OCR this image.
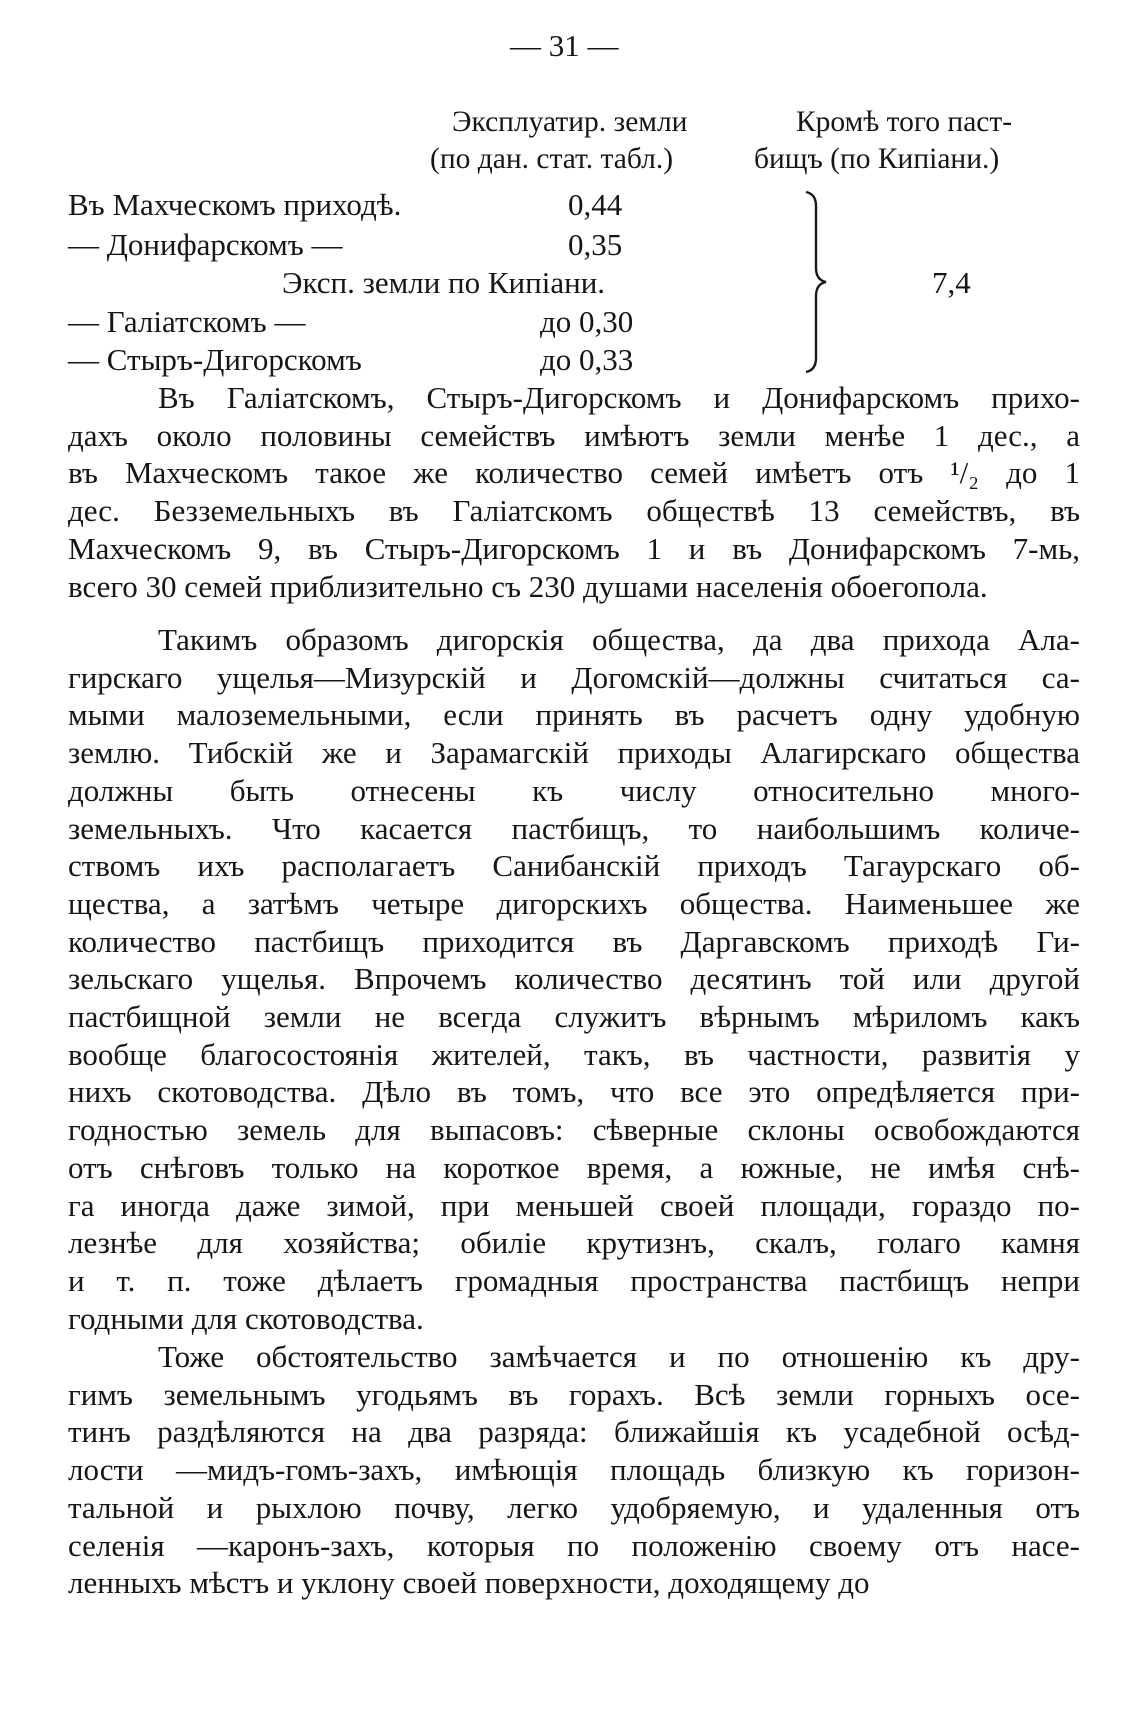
— 31 —
Эксплуатир. земли
(по дан. стат. табл.)
Кромѣ того паст-
бищъ (по Кипіани.)
Въ Махческомъ приходѣ.	0,44
— Донифарскомъ —	0,35
Эксп. земли по Кипіани.	7,4
— Галіатскомъ —	до 0,30
— Стыръ-Дигорскомъ	до 0,33
Въ Галіатскомъ, Стыръ-Дигорскомъ и Донифарскомъ прихо-
дахъ около половины семействъ имѣютъ земли менѣе 1 дес., а
въ Махческомъ такое же количество семей имѣетъ отъ ¹/₂ до 1
дес. Безземельныхъ въ Галіатскомъ обществѣ 13 семействъ, въ
Махческомъ 9, въ Стыръ-Дигорскомъ 1 и въ Донифарскомъ 7-мь,
всего 30 семей приблизительно съ 230 душами населенія обоегопола.
Такимъ образомъ дигорскія общества, да два прихода Ала-
гирскаго ущелья—Мизурскій и Догомскій—должны считаться са-
мыми малоземельными, если принять въ расчетъ одну удобную
землю. Тибскій же и Зарамагскій приходы Алагирскаго общества
должны быть отнесены къ числу относительно много-
земельныхъ. Что касается пастбищъ, то наибольшимъ количе-
ствомъ ихъ располагаетъ Санибанскій приходъ Тагаурскаго об-
щества, а затѣмъ четыре дигорскихъ общества. Наименьшее же
количество пастбищъ приходится въ Даргавскомъ приходѣ Ги-
зельскаго ущелья. Впрочемъ количество десятинъ той или другой
пастбищной земли не всегда служитъ вѣрнымъ мѣриломъ какъ
вообще благосостоянія жителей, такъ, въ частности, развитія у
нихъ скотоводства. Дѣло въ томъ, что все это опредѣляется при-
годностью земель для выпасовъ: сѣверные склоны освобождаются
отъ снѣговъ только на короткое время, а южные, не имѣя снѣ-
га иногда даже зимой, при меньшей своей площади, гораздо по-
лезнѣе для хозяйства; обиліе крутизнъ, скалъ, голаго камня
и т. п. тоже дѣлаетъ громадныя пространства пастбищъ непри
годными для скотоводства.
Тоже обстоятельство замѣчается и по отношенію къ дру-
гимъ земельнымъ угодьямъ въ горахъ. Всѣ земли горныхъ осе-
тинъ раздѣляются на два разряда: ближайшія къ усадебной осѣд-
лости —мидъ-гомъ-захъ, имѣющія площадь близкую къ горизон-
тальной и рыхлою почву, легко удобряемую, и удаленныя отъ
селенія —каронъ-захъ, которыя по положенію своему отъ насе-
ленныхъ мѣстъ и уклону своей поверхности, доходящему до
